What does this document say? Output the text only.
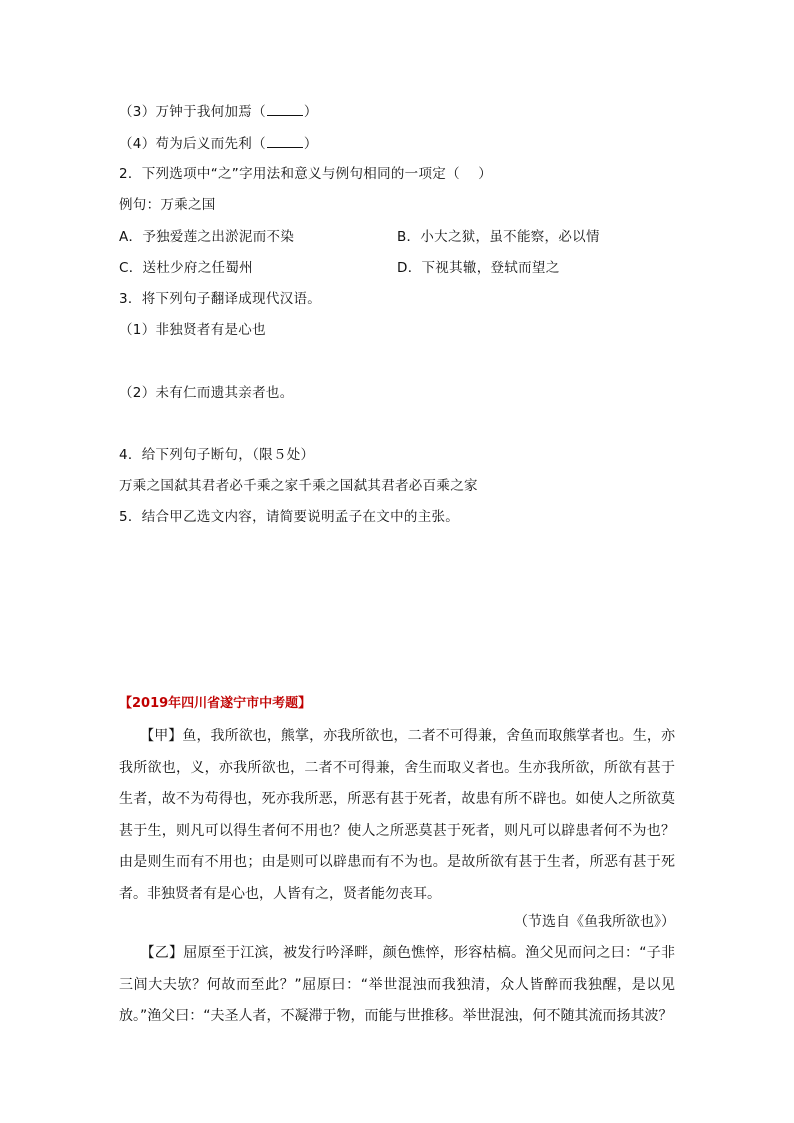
（3）万钟于我何加焉（	）
（4）苟为后义而先利（	）
2．下列选项中“之”字用法和意义与例句相同的一项定（　 ）
例句：万乘之国
A．予独爱莲之出淤泥而不染	B．小大之狱，虽不能察，必以情
C．送杜少府之任蜀州	D．下视其辙，登轼而望之
3．将下列句子翻译成现代汉语。
（1）非独贤者有是心也
（2）未有仁而遗其亲者也。
4．给下列句子断句，（限５处）
万乘之国弑其君者必千乘之家千乘之国弑其君者必百乘之家
5．结合甲乙选文内容，请简要说明孟子在文中的主张。
【2019年四川省遂宁市中考题】

　　【甲】鱼，我所欲也，熊掌，亦我所欲也，二者不可得兼，舍鱼而取熊掌者也。生，亦我所欲也，义，亦我所欲也，二者不可得兼，舍生而取义者也。生亦我所欲，所欲有甚于生者，故不为苟得也，死亦我所恶，所恶有甚于死者，故患有所不辟也。如使人之所欲莫甚于生，则凡可以得生者何不用也？使人之所恶莫甚于死者，则凡可以辟患者何不为也？由是则生而有不用也；由是则可以辟患而有不为也。是故所欲有甚于生者，所恶有甚于死者。非独贤者有是心也，人皆有之，贤者能勿丧耳。

（节选自《鱼我所欲也》）

　　【乙】屈原至于江滨，被发行吟泽畔，颜色憔悴，形容枯槁。渔父见而问之曰：“子非三闾大夫欤？何故而至此？”屈原曰：“举世混浊而我独清，众人皆醉而我独醒，是以见放。”渔父曰：“夫圣人者，不凝滞于物，而能与世推移。举世混浊，何不随其流而扬其波？
